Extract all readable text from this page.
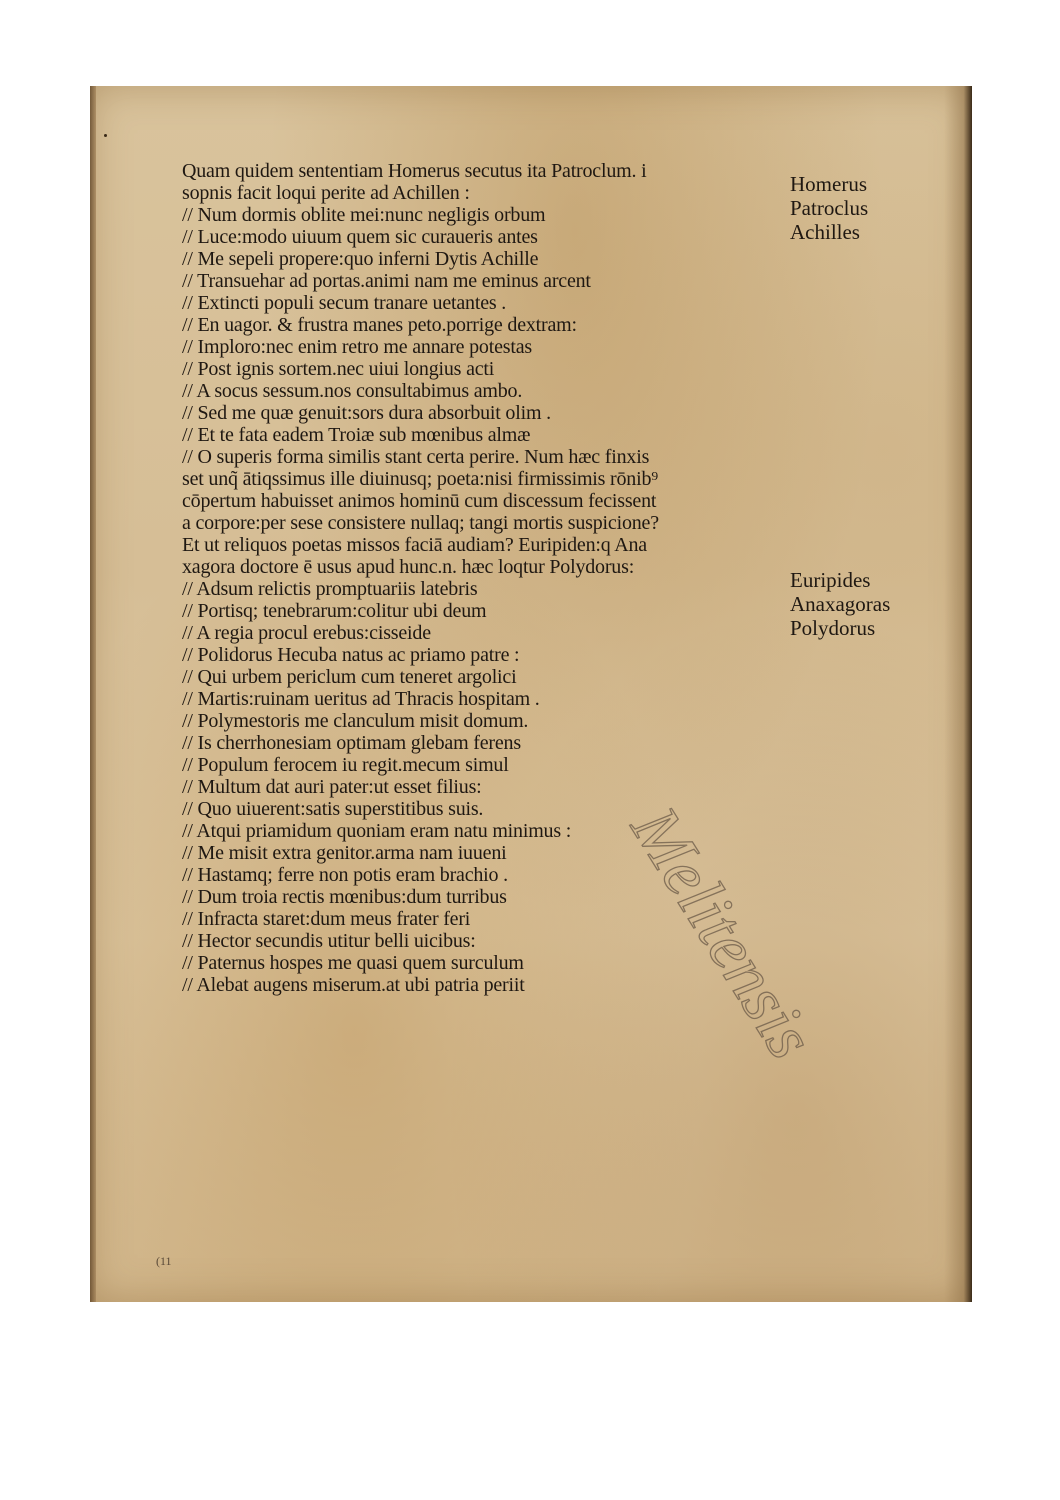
Quam quidem sententiam Homerus secutus ita Patroclum. i
sopnis facit loqui perite ad Achillen :
// Num dormis oblite mei:nunc negligis orbum
// Luce:modo uiuum quem sic curaueris antes
// Me sepeli propere:quo inferni Dytis Achille
// Transuehar ad portas.animi nam me eminus arcent
// Extincti populi secum tranare uetantes .
// En uagor. & frustra manes peto.porrige dextram:
// Imploro:nec enim retro me annare potestas
// Post ignis sortem.nec uiui longius acti
// A socus sessum.nos consultabimus ambo.
// Sed me quæ genuit:sors dura absorbuit olim .
// Et te fata eadem Troiæ sub mœnibus almæ
// O superis forma similis stant certa perire. Num hæc finxis
set unq̃ ātiqssimus ille diuinusq; poeta:nisi firmissimis rōnib⁹
cōpertum habuisset animos hominū cum discessum fecissent
a corpore:per sese consistere nullaq; tangi mortis suspicione?
Et ut reliquos poetas missos faciā audiam? Euripiden:q Ana
xagora doctore ē usus apud hunc.n. hæc loqtur Polydorus:
// Adsum relictis promptuariis latebris
// Portisq; tenebrarum:colitur ubi deum
// A regia procul erebus:cisseide
// Polidorus Hecuba natus ac priamo patre :
// Qui urbem periclum cum teneret argolici
// Martis:ruinam ueritus ad Thracis hospitam .
// Polymestoris me clanculum misit domum.
// Is cherrhonesiam optimam glebam ferens
// Populum ferocem iu regit.mecum simul
// Multum dat auri pater:ut esset filius:
// Quo uiuerent:satis superstitibus suis.
// Atqui priamidum quoniam eram natu minimus :
// Me misit extra genitor.arma nam iuueni
// Hastamq; ferre non potis eram brachio .
// Dum troia rectis mœnibus:dum turribus
// Infracta staret:dum meus frater feri
// Hector secundis utitur belli uicibus:
// Paternus hospes me quasi quem surculum
// Alebat augens miserum.at ubi patria periit
Homerus
Patroclus
Achilles
Euripides
Anaxagoras
Polydorus
Melitensis
(11
